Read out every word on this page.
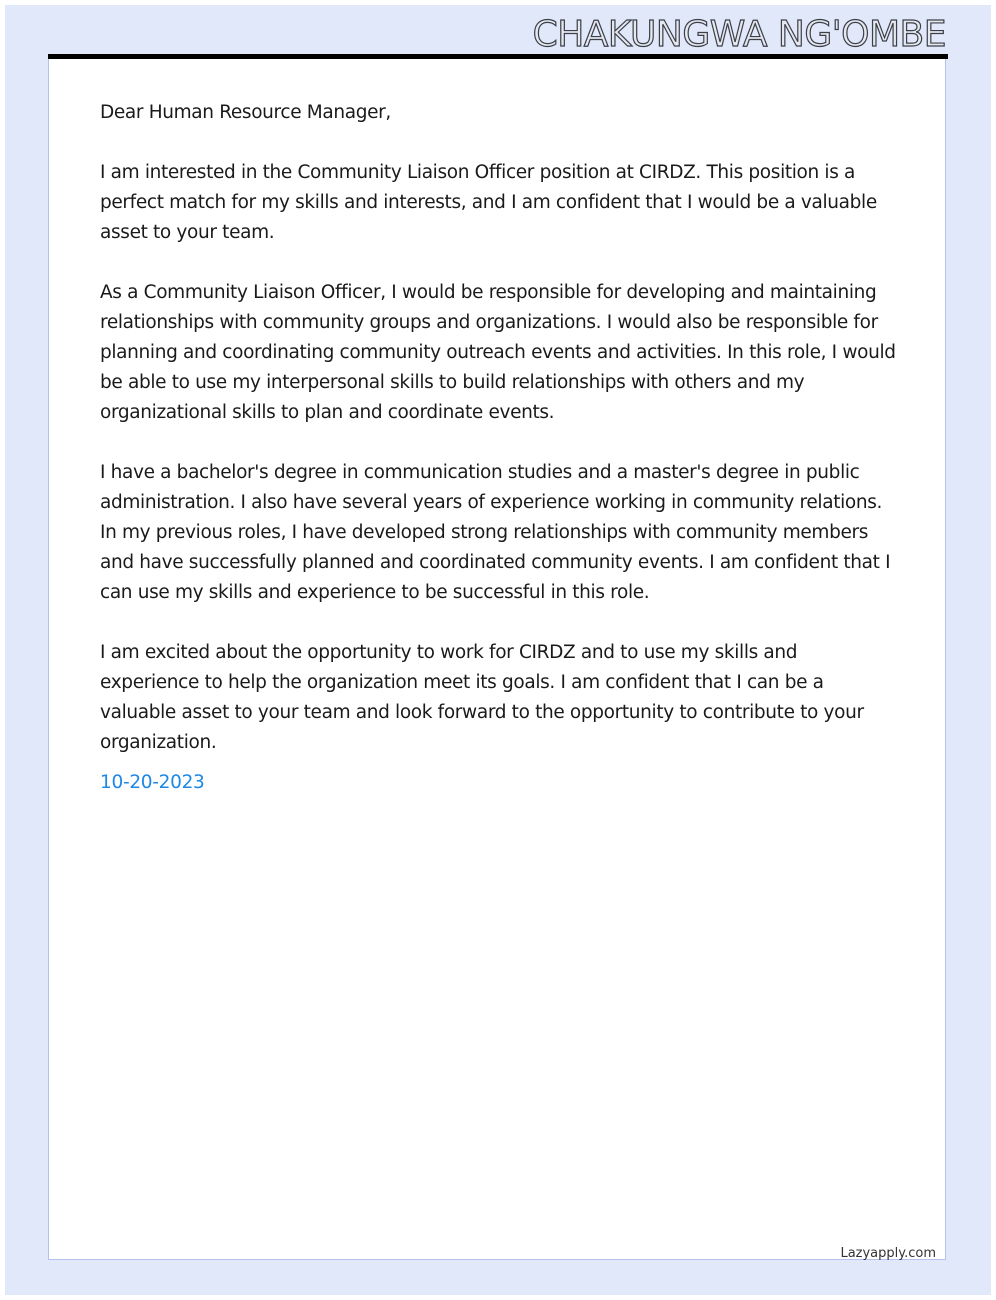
CHAKUNGWA NG'OMBE

Dear Human Resource Manager,

I am interested in the Community Liaison Officer position at CIRDZ. This position is a perfect match for my skills and interests, and I am confident that I would be a valuable asset to your team.

As a Community Liaison Officer, I would be responsible for developing and maintaining relationships with community groups and organizations. I would also be responsible for planning and coordinating community outreach events and activities. In this role, I would be able to use my interpersonal skills to build relationships with others and my organizational skills to plan and coordinate events.

I have a bachelor's degree in communication studies and a master's degree in public administration. I also have several years of experience working in community relations. In my previous roles, I have developed strong relationships with community members and have successfully planned and coordinated community events. I am confident that I can use my skills and experience to be successful in this role.

I am excited about the opportunity to work for CIRDZ and to use my skills and experience to help the organization meet its goals. I am confident that I can be a valuable asset to your team and look forward to the opportunity to contribute to your organization.

10-20-2023
Lazyapply.com
